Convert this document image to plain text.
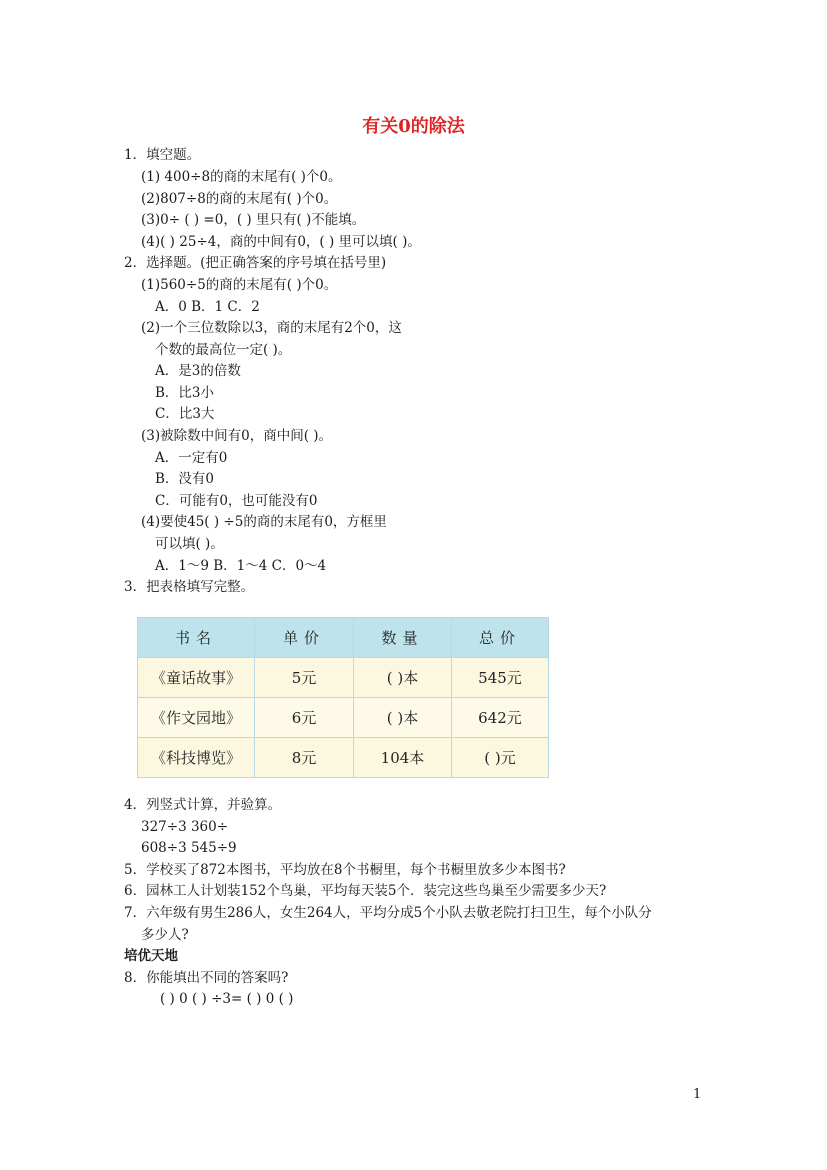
有关0的除法
1．填空题。
(1) 400÷8的商的末尾有( )个0。
(2)807÷8的商的末尾有( )个0。
(3)0÷ ( ) =0，( ) 里只有( )不能填。
(4)( ) 25÷4，商的中间有0，( ) 里可以填( )。
2．选择题。(把正确答案的序号填在括号里)
(1)560÷5的商的末尾有( )个0。
A．0 B．1 C．2
(2)一个三位数除以3，商的末尾有2个0，这
个数的最高位一定( )。
A．是3的倍数
B．比3小
C．比3大
(3)被除数中间有0，商中间( )。
A．一定有0
B．没有0
C．可能有0，也可能没有0
(4)要使45( ) ÷5的商的末尾有0，方框里
可以填( )。
A．1～9 B．1～4 C．0～4
3．把表格填写完整。
书名	单价	数量	总价
《童话故事》	5元	( )本	545元
《作文园地》	6元	( )本	642元
《科技博览》	8元	104本	( )元
4．列竖式计算，并验算。
327÷3 360÷
608÷3 545÷9
5．学校买了872本图书，平均放在8个书橱里，每个书橱里放多少本图书?
6．园林工人计划装152个鸟巢，平均每天装5个．装完这些鸟巢至少需要多少天?
7．六年级有男生286人，女生264人，平均分成5个小队去敬老院打扫卫生，每个小队分
多少人?
培优天地
8．你能填出不同的答案吗?
( ) 0 ( ) ÷3= ( ) 0 ( )
1
